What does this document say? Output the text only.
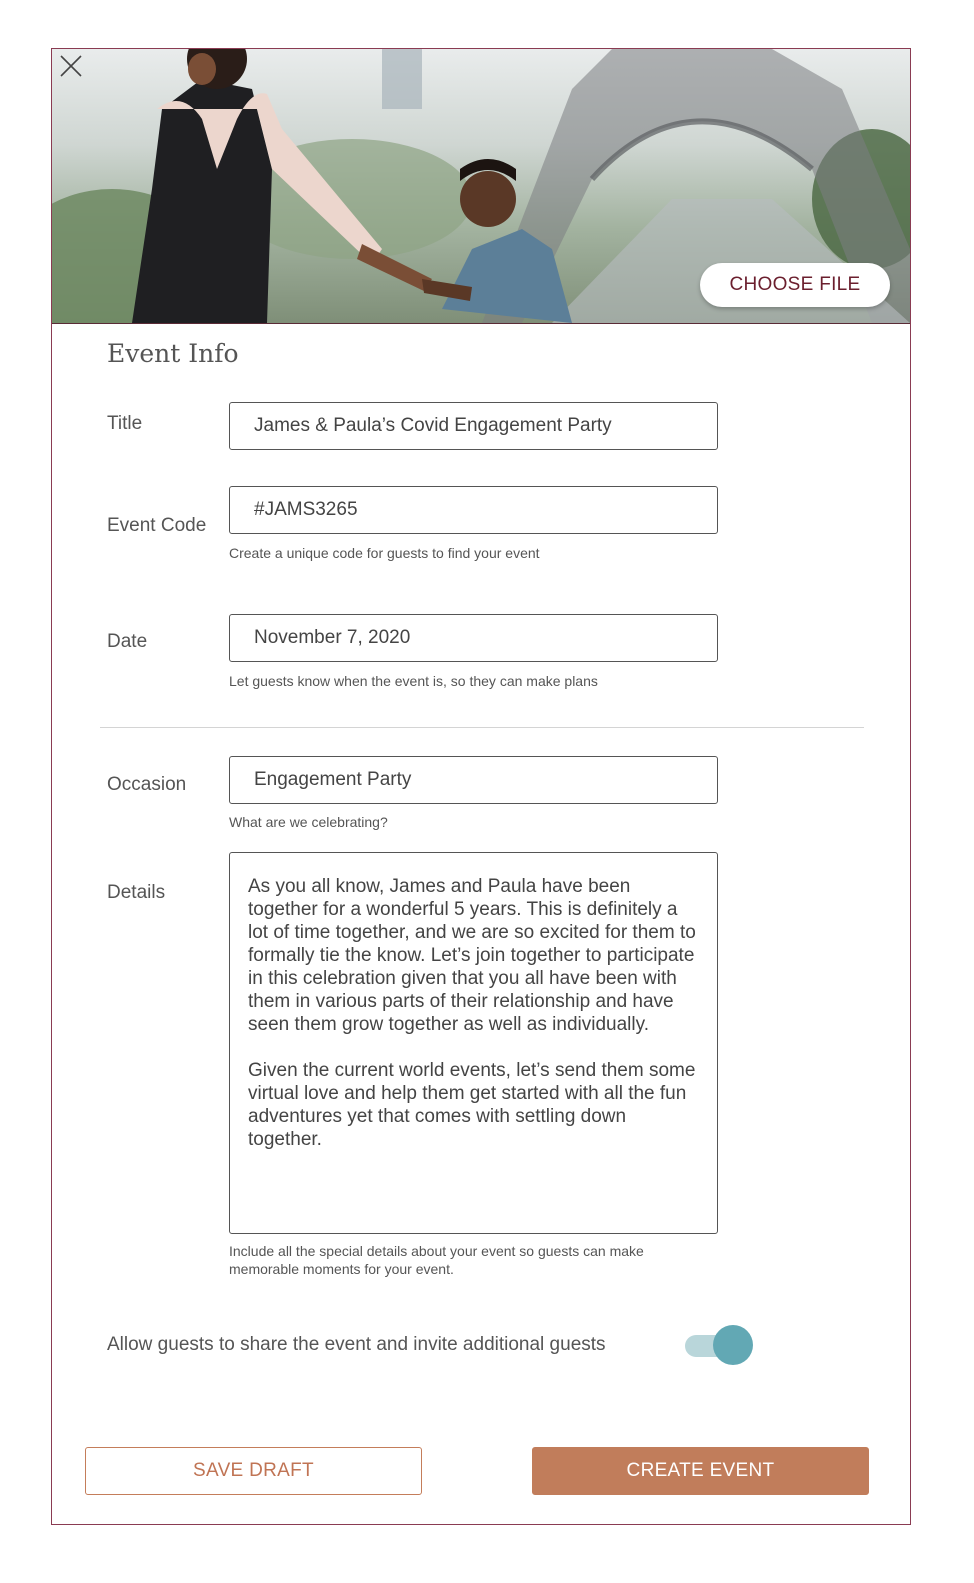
CHOOSE FILE
Event Info
Title
James & Paula’s Covid Engagement Party
Event Code
#JAMS3265
Create a unique code for guests to find your event
Date
November 7, 2020
Let guests know when the event is, so they can make plans
Occasion
Engagement Party
What are we celebrating?
Details	As you all know, James and Paula have been together for a wonderful 5 years. This is definitely a lot of time together, and we are so excited for them to formally tie the know. Let’s join together to participate in this celebration given that you all have been with them in various parts of their relationship and have seen them grow together as well as individually.

Given the current world events, let’s send them some virtual love and help them get started with all the fun adventures yet that comes with settling down together.
Include all the special details about your event so guests can make memorable moments for your event.
Allow guests to share the event and invite additional guests
SAVE DRAFT	CREATE EVENT
